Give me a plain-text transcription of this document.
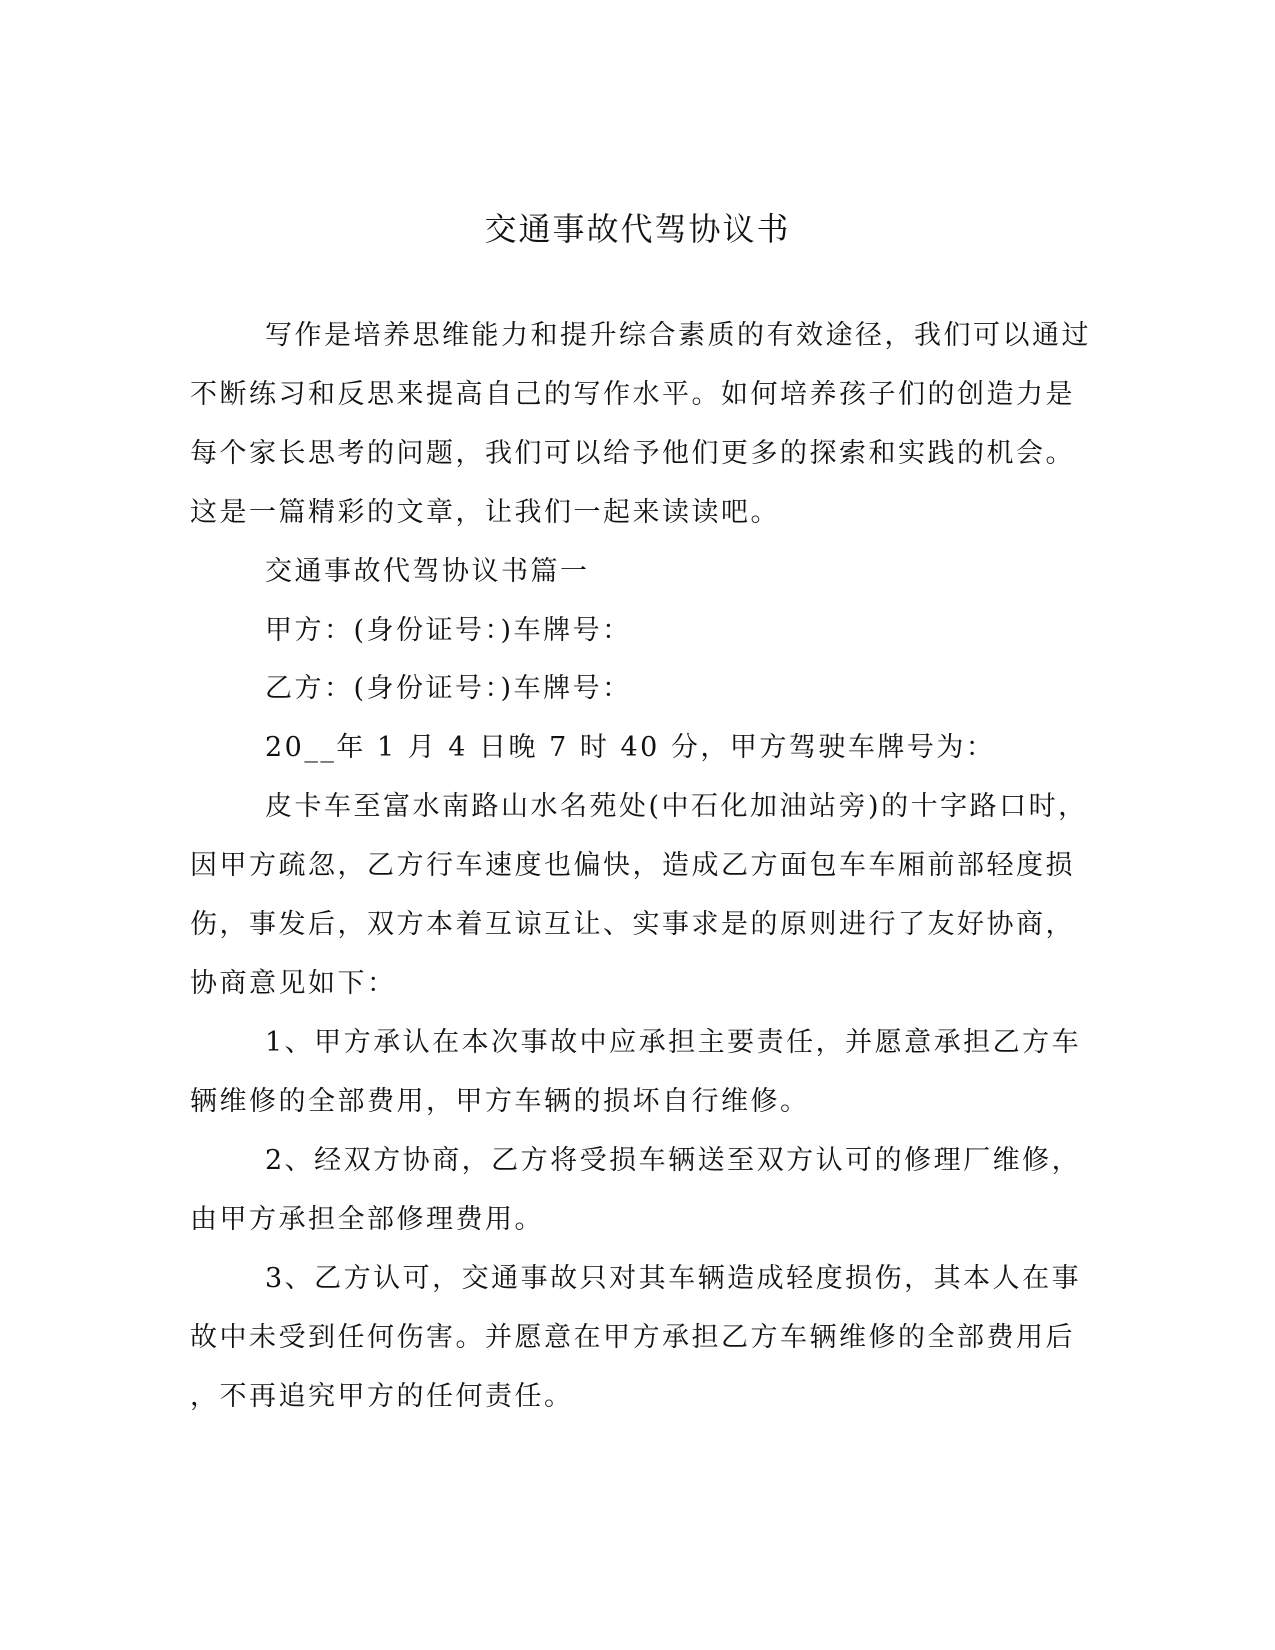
交通事故代驾协议书
写作是培养思维能力和提升综合素质的有效途径，我们可以通过
不断练习和反思来提高自己的写作水平。如何培养孩子们的创造力是
每个家长思考的问题，我们可以给予他们更多的探索和实践的机会。
这是一篇精彩的文章，让我们一起来读读吧。
交通事故代驾协议书篇一
甲方：(身份证号：)车牌号：
乙方：(身份证号：)车牌号：
20__年 1 月 4 日晚 7 时 40 分，甲方驾驶车牌号为：
皮卡车至富水南路山水名苑处(中石化加油站旁)的十字路口时，
因甲方疏忽，乙方行车速度也偏快，造成乙方面包车车厢前部轻度损
伤，事发后，双方本着互谅互让、实事求是的原则进行了友好协商，
协商意见如下：
1、甲方承认在本次事故中应承担主要责任，并愿意承担乙方车
辆维修的全部费用，甲方车辆的损坏自行维修。
2、经双方协商，乙方将受损车辆送至双方认可的修理厂维修，
由甲方承担全部修理费用。
3、乙方认可，交通事故只对其车辆造成轻度损伤，其本人在事
故中未受到任何伤害。并愿意在甲方承担乙方车辆维修的全部费用后
，不再追究甲方的任何责任。
